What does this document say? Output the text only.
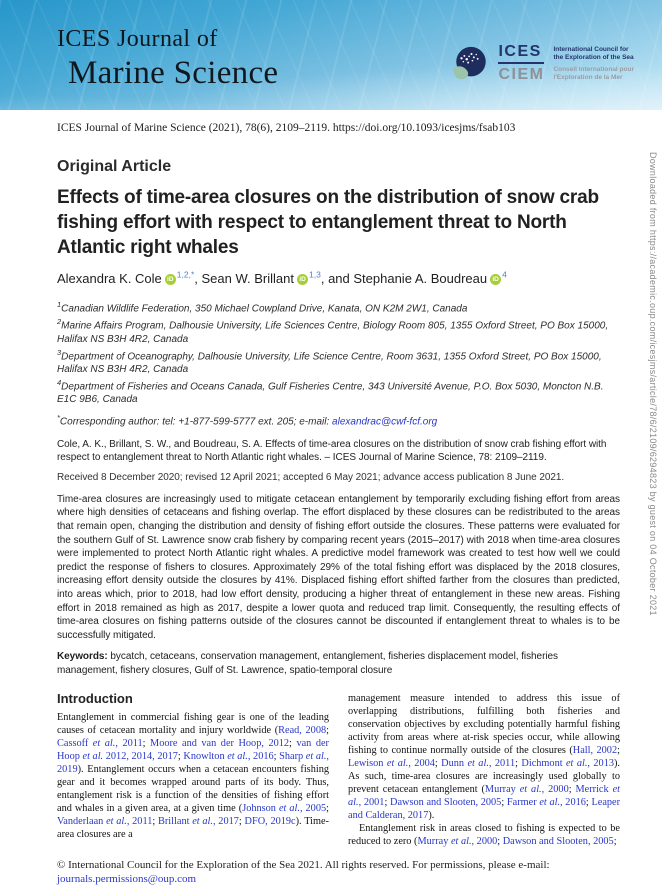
ICES Journal of
Marine Science
ICES
CIEM
International Council for
the Exploration of the Sea
Conseil International pour
l'Exploration de la Mer
ICES Journal of Marine Science (2021), 78(6), 2109–2119. https://doi.org/10.1093/icesjms/fsab103
Original Article
Effects of time-area closures on the distribution of snow crab fishing effort with respect to entanglement threat to North Atlantic right whales
Alexandra K. Cole iD $^{1,2,*}$, Sean W. Brillant iD $^{1,3}$, and Stephanie A. Boudreau iD $^4$
$^1$Canadian Wildlife Federation, 350 Michael Cowpland Drive, Kanata, ON K2M 2W1, Canada
$^2$Marine Affairs Program, Dalhousie University, Life Sciences Centre, Biology Room 805, 1355 Oxford Street, PO Box 15000, Halifax NS B3H 4R2, Canada
$^3$Department of Oceanography, Dalhousie University, Life Science Centre, Room 3631, 1355 Oxford Street, PO Box 15000, Halifax NS B3H 4R2, Canada
$^4$Department of Fisheries and Oceans Canada, Gulf Fisheries Centre, 343 Université Avenue, P.O. Box 5030, Moncton N.B. E1C 9B6, Canada
*Corresponding author: tel: +1-877-599-5777 ext. 205; e-mail: alexandrac@cwf-fcf.org

Cole, A. K., Brillant, S. W., and Boudreau, S. A. Effects of time-area closures on the distribution of snow crab fishing effort with respect to entanglement threat to North Atlantic right whales. – ICES Journal of Marine Science, 78: 2109–2119.

Received 8 December 2020; revised 12 April 2021; accepted 6 May 2021; advance access publication 8 June 2021.

Time-area closures are increasingly used to mitigate cetacean entanglement by temporarily excluding fishing effort from areas where high densities of cetaceans and fishing overlap. The effort displaced by these closures can be redistributed to the areas that remain open, changing the distribution and density of fishing effort outside the closures. These patterns were evaluated for the southern Gulf of St. Lawrence snow crab fishery by comparing recent years (2015–2017) with 2018 when time-area closures were implemented to protect North Atlantic right whales. A predictive model framework was created to test how well we could predict the response of fishers to closures. Approximately 29% of the total fishing effort was displaced by the 2018 closures, increasing effort density outside the closures by 41%. Displaced fishing effort shifted farther from the closures than predicted, into areas which, prior to 2018, had low effort density, producing a higher threat of entanglement in these new areas. Fishing effort in 2018 remained as high as 2017, despite a lower quota and reduced trap limit. Consequently, the resulting effects of time-area closures on fishing patterns outside of the closures cannot be discounted if entanglement threat to whales is to be successfully mitigated.

Keywords: bycatch, cetaceans, conservation management, entanglement, fisheries displacement model, fisheries management, fishery closures, Gulf of St. Lawrence, spatio-temporal closure

Introduction

Entanglement in commercial fishing gear is one of the leading causes of cetacean mortality and injury worldwide (Read, 2008; Cassoff et al., 2011; Moore and van der Hoop, 2012; van der Hoop et al. 2012, 2014, 2017; Knowlton et al., 2016; Sharp et al., 2019). Entanglement occurs when a cetacean encounters fishing gear and it becomes wrapped around parts of its body. Thus, entanglement risk is a function of the densities of fishing effort and whales in a given area, at a given time (Johnson et al., 2005; Vanderlaan et al., 2011; Brillant et al., 2017; DFO, 2019c). Time-area closures are a

management measure intended to address this issue of overlapping distributions, fulfilling both fisheries and conservation objectives by excluding potentially harmful fishing activity from areas where at-risk species occur, while allowing fishing to continue normally outside of the closures (Hall, 2002; Lewison et al., 2004; Dunn et al., 2011; Dichmont et al., 2013). As such, time-area closures are increasingly used globally to prevent cetacean entanglement (Murray et al., 2000; Merrick et al., 2001; Dawson and Slooten, 2005; Farmer et al., 2016; Leaper and Calderan, 2017).

Entanglement risk in areas closed to fishing is expected to be reduced to zero (Murray et al., 2000; Dawson and Slooten, 2005;

© International Council for the Exploration of the Sea 2021. All rights reserved. For permissions, please e-mail:
journals.permissions@oup.com
Downloaded from https://academic.oup.com/icesjms/article/78/6/2109/6294823 by guest on 04 October 2021
